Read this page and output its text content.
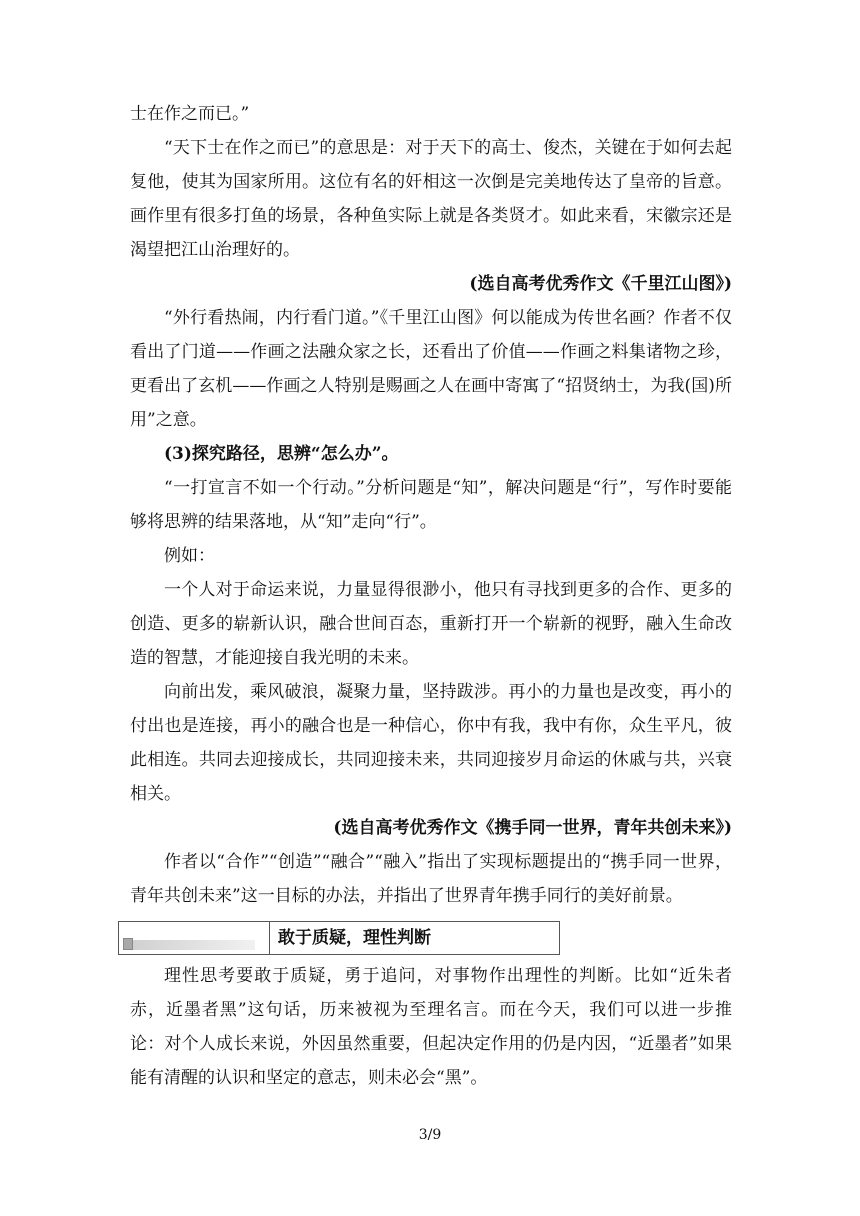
士在作之而已。”

“天下士在作之而已”的意思是：对于天下的高士、俊杰，关键在于如何去起复他，使其为国家所用。这位有名的奸相这一次倒是完美地传达了皇帝的旨意。画作里有很多打鱼的场景，各种鱼实际上就是各类贤才。如此来看，宋徽宗还是渴望把江山治理好的。

(选自高考优秀作文《千里江山图》)

“外行看热闹，内行看门道。”《千里江山图》何以能成为传世名画？作者不仅看出了门道——作画之法融众家之长，还看出了价值——作画之料集诸物之珍，更看出了玄机——作画之人特别是赐画之人在画中寄寓了“招贤纳士，为我(国)所用”之意。

(3)探究路径，思辨“怎么办”。

“一打宣言不如一个行动。”分析问题是“知”，解决问题是“行”，写作时要能够将思辨的结果落地，从“知”走向“行”。

例如：

一个人对于命运来说，力量显得很渺小，他只有寻找到更多的合作、更多的创造、更多的崭新认识，融合世间百态，重新打开一个崭新的视野，融入生命改造的智慧，才能迎接自我光明的未来。

向前出发，乘风破浪，凝聚力量，坚持跋涉。再小的力量也是改变，再小的付出也是连接，再小的融合也是一种信心，你中有我，我中有你，众生平凡，彼此相连。共同去迎接成长，共同迎接未来，共同迎接岁月命运的休戚与共，兴衰相关。

(选自高考优秀作文《携手同一世界，青年共创未来》)

作者以“合作”“创造”“融合”“融入”指出了实现标题提出的“携手同一世界，青年共创未来”这一目标的办法，并指出了世界青年携手同行的美好前景。

敢于质疑，理性判断

理性思考要敢于质疑，勇于追问，对事物作出理性的判断。比如“近朱者赤，近墨者黑”这句话，历来被视为至理名言。而在今天，我们可以进一步推论：对个人成长来说，外因虽然重要，但起决定作用的仍是内因，“近墨者”如果能有清醒的认识和坚定的意志，则未必会“黑”。

3/9
